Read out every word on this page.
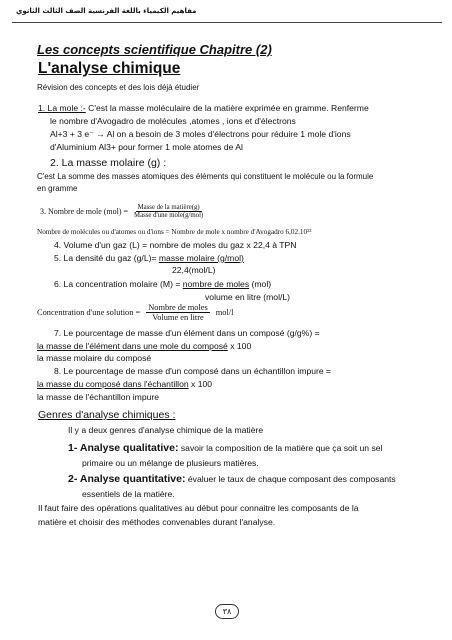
مفاهيم الكيمياء باللغة الفرنسية الصف الثالث الثانوي
Les concepts scientifique Chapitre (2)
L'analyse chimique
Révision des concepts et des lois déjà étudier
1. La mole :- C'est la masse moléculaire de la matière exprimée en gramme. Renferme
le nombre d'Avogadro de molécules ,atomes , ions et d'électrons
Al+3 + 3 e⁻ → Al on a besoin de 3 moles d'électrons pour réduire 1 mole d'ions
d'Aluminium Al3+ pour former 1 mole atomes de Al
2. La masse molaire (g) :
C'est La somme des masses atomiques des éléments qui constituent le molécule ou la formule
en gramme
3. Nombre de mole $(mol) = \frac{\text{Masse de la matière(g)}}{\text{Masse d'une mole(g/mol)}}$
Nombre de molécules ou d'atomes ou d'ions = Nombre de mole x nombre d'Avogadro 6,02.10²³
4. Volume d'un gaz (L) = nombre de moles du gaz x 22,4 à TPN
5. La densité du gaz (g/L)= masse molaire (g/mol)
22,4(mol/L)
6. La concentration molaire (M) = nombre de moles (mol)
volume en litre (mol/L)
Concentration d'une solution = $\frac{\text{Nombre de moles}}{\text{Volume en litre}} mol/l$
7. Le pourcentage de masse d'un élément dans un composé (g/g%) =
la masse de l'élément dans une mole du composé x 100
la masse molaire du composé
8. Le pourcentage de masse d'un composé dans un échantillon impure =
la masse du composé dans l'échantillon x 100
la masse de l'échantillon impure
Genres d'analyse chimiques :
Il y a deux genres d'analyse chimique de la matière
1- Analyse qualitative: savoir la composition de la matière que ça soit un sel
primaire ou un mélange de plusieurs matières.
2- Analyse quantitative: évaluer le taux de chaque composant des composants
essentiels de la matière.
Il faut faire des opérations qualitatives au début pour connaitre les composants de la
matière et choisir des méthodes convenables durant l'analyse.
٣٨
